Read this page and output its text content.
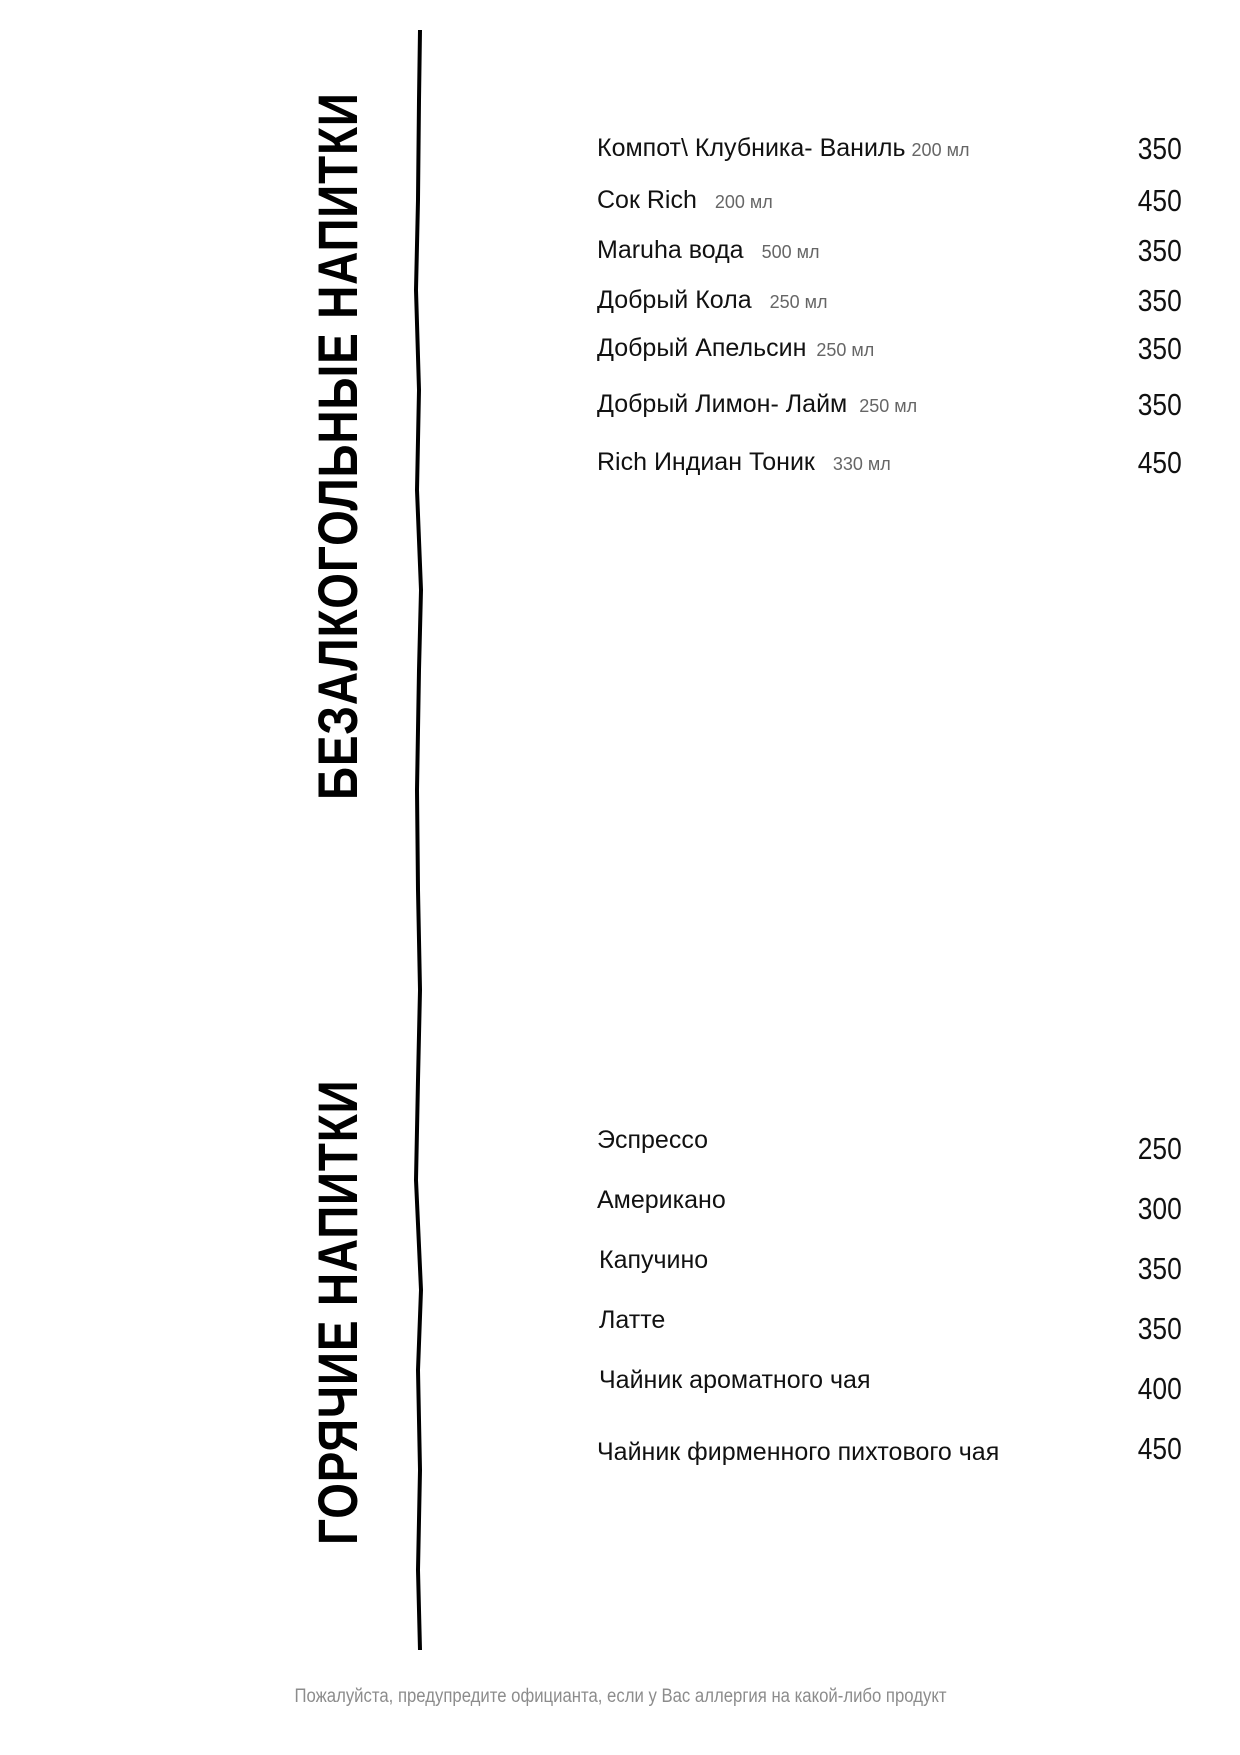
БЕЗАЛКОГОЛЬНЫЕ НАПИТКИ
ГОРЯЧИЕ НАПИТКИ
Компот\ Клубника- Ваниль 200 мл	350
Сок Rich 200 мл	450
Maruha вода 500 мл	350
Добрый Кола 250 мл	350
Добрый Апельсин 250 мл	350
Добрый Лимон- Лайм 250 мл	350
Rich Индиан Тоник 330 мл	450
Эспрессо	250
Американо	300
Капучино	350
Латте	350
Чайник ароматного чая	400
Чайник фирменного пихтового чая	450
Пожалуйста, предупредите официанта, если у Вас аллергия на какой-либо продукт
